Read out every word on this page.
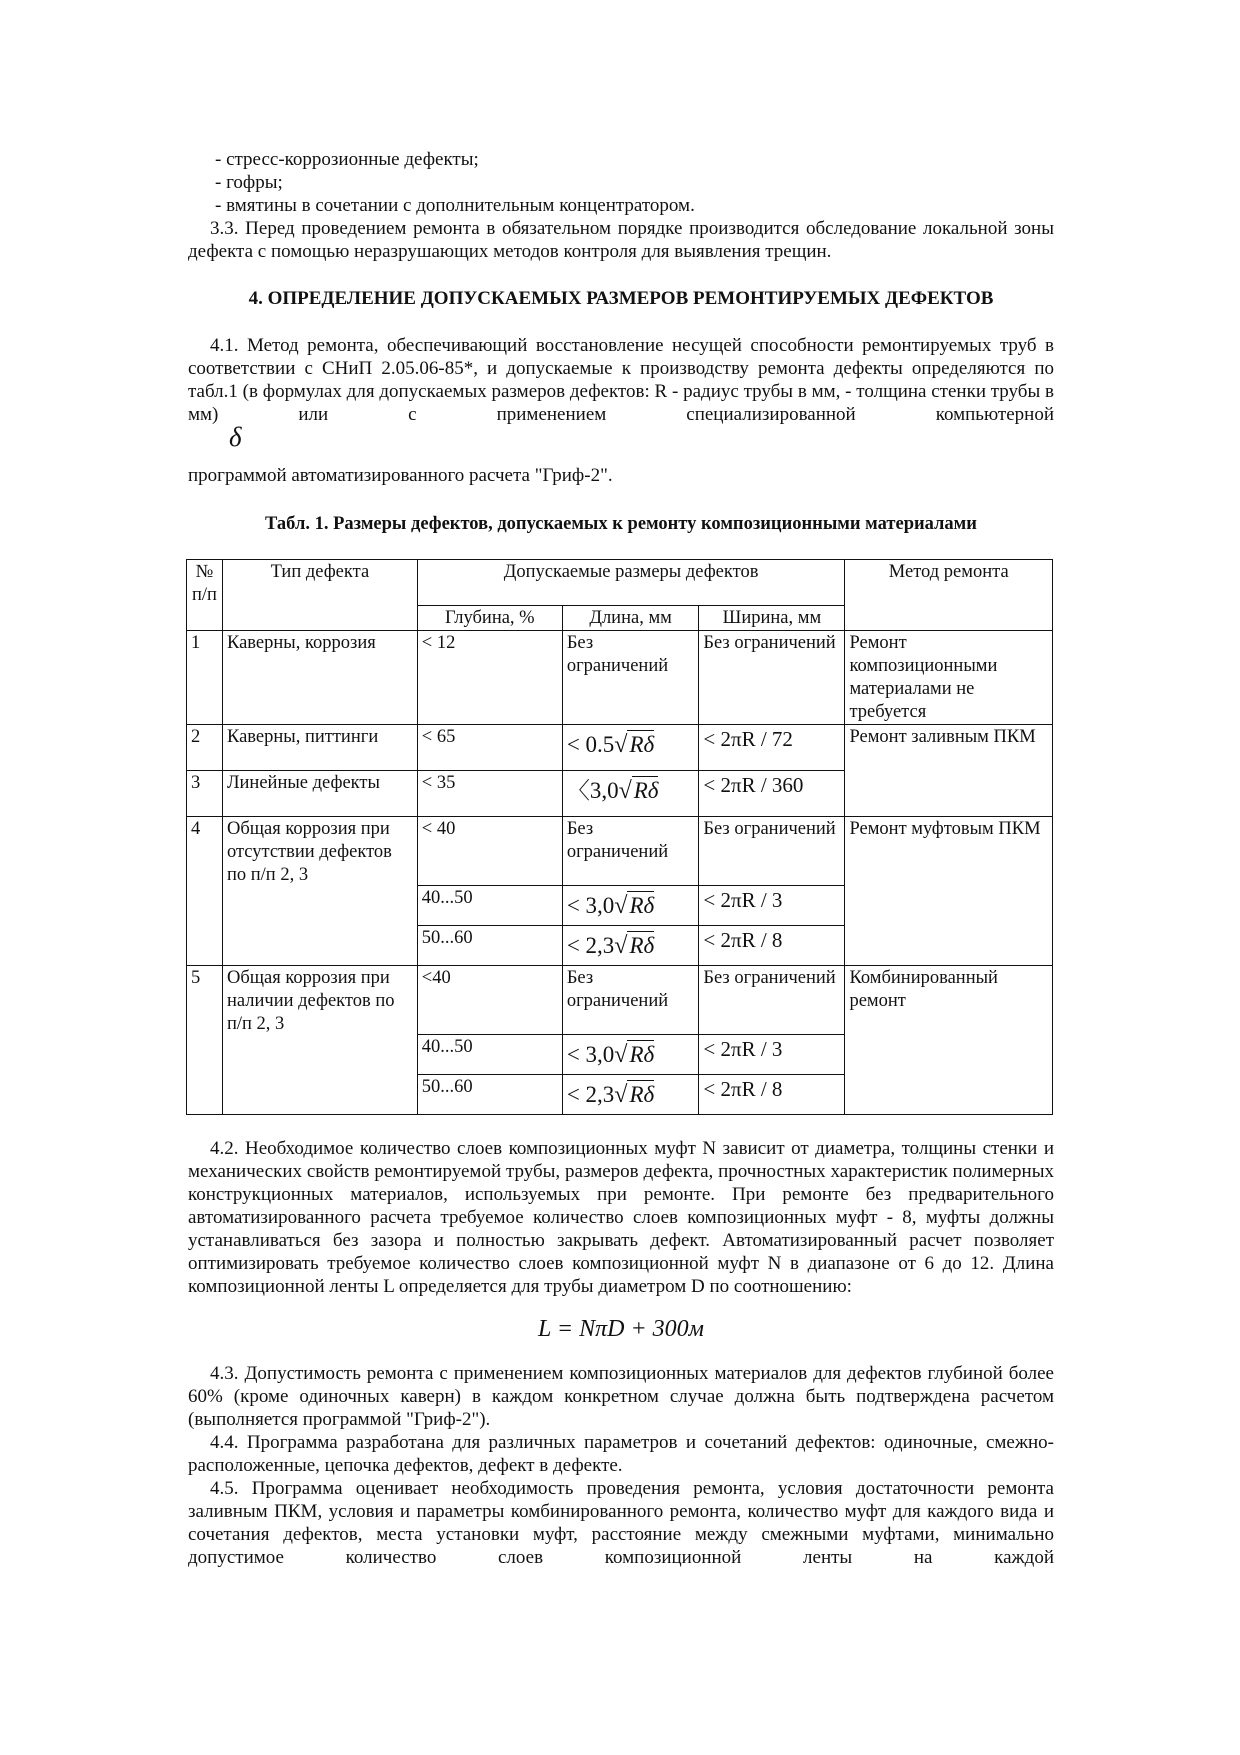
- стресс-коррозионные дефекты;
- гофры;
- вмятины в сочетании с дополнительным концентратором.
3.3. Перед проведением ремонта в обязательном порядке производится обследование локальной зоны дефекта с помощью неразрушающих методов контроля для выявления трещин.
4. ОПРЕДЕЛЕНИЕ ДОПУСКАЕМЫХ РАЗМЕРОВ РЕМОНТИРУЕМЫХ ДЕФЕКТОВ
4.1. Метод ремонта, обеспечивающий восстановление несущей способности ремонтируемых труб в соответствии с СНиП 2.05.06-85*, и допускаемые к производству ремонта дефекты определяются по табл.1 (в формулах для допускаемых размеров дефектов: R - радиус трубы в мм, - толщина стенки трубы в мм) или с применением специализированной компьютерной
δ
программой автоматизированного расчета "Гриф-2".
Табл. 1. Размеры дефектов, допускаемых к ремонту композиционными материалами
№ п/п	Тип дефекта	Допускаемые размеры дефектов			Метод ремонта
		Глубина, %	Длина, мм	Ширина, мм	
1	Каверны, коррозия	< 12	Без ограничений	Без ограничений	Ремонт композиционными материалами не требуется
2	Каверны, питтинги	< 65	< 0.5√Rδ	< 2πR / 72	Ремонт заливным ПКМ
3	Линейные дефекты	< 35	〈3,0√Rδ	< 2πR / 360	
4	Общая коррозия при отсутствии дефектов по п/п 2, 3	< 40	Без ограничений	Без ограничений	Ремонт муфтовым ПКМ
		40...50	< 3,0√Rδ	< 2πR / 3	
		50...60	< 2,3√Rδ	< 2πR / 8	
5	Общая коррозия при наличии дефектов по п/п 2, 3	<40	Без ограничений	Без ограничений	Комбинированный ремонт
		40...50	< 3,0√Rδ	< 2πR / 3	
		50...60	< 2,3√Rδ	< 2πR / 8	
4.2. Необходимое количество слоев композиционных муфт N зависит от диаметра, толщины стенки и механических свойств ремонтируемой трубы, размеров дефекта, прочностных характеристик полимерных конструкционных материалов, используемых при ремонте. При ремонте без предварительного автоматизированного расчета требуемое количество слоев композиционных муфт - 8, муфты должны устанавливаться без зазора и полностью закрывать дефект. Автоматизированный расчет позволяет оптимизировать требуемое количество слоев композиционной муфт N в диапазоне от 6 до 12. Длина композиционной ленты L определяется для трубы диаметром D по соотношению:
L = NπD + 300м
4.3. Допустимость ремонта с применением композиционных материалов для дефектов глубиной более 60% (кроме одиночных каверн) в каждом конкретном случае должна быть подтверждена расчетом (выполняется программой "Гриф-2").
4.4. Программа разработана для различных параметров и сочетаний дефектов: одиночные, смежно-расположенные, цепочка дефектов, дефект в дефекте.
4.5. Программа оценивает необходимость проведения ремонта, условия достаточности ремонта заливным ПКМ, условия и параметры комбинированного ремонта, количество муфт для каждого вида и сочетания дефектов, места установки муфт, расстояние между смежными муфтами, минимально допустимое количество слоев композиционной ленты на каждой
